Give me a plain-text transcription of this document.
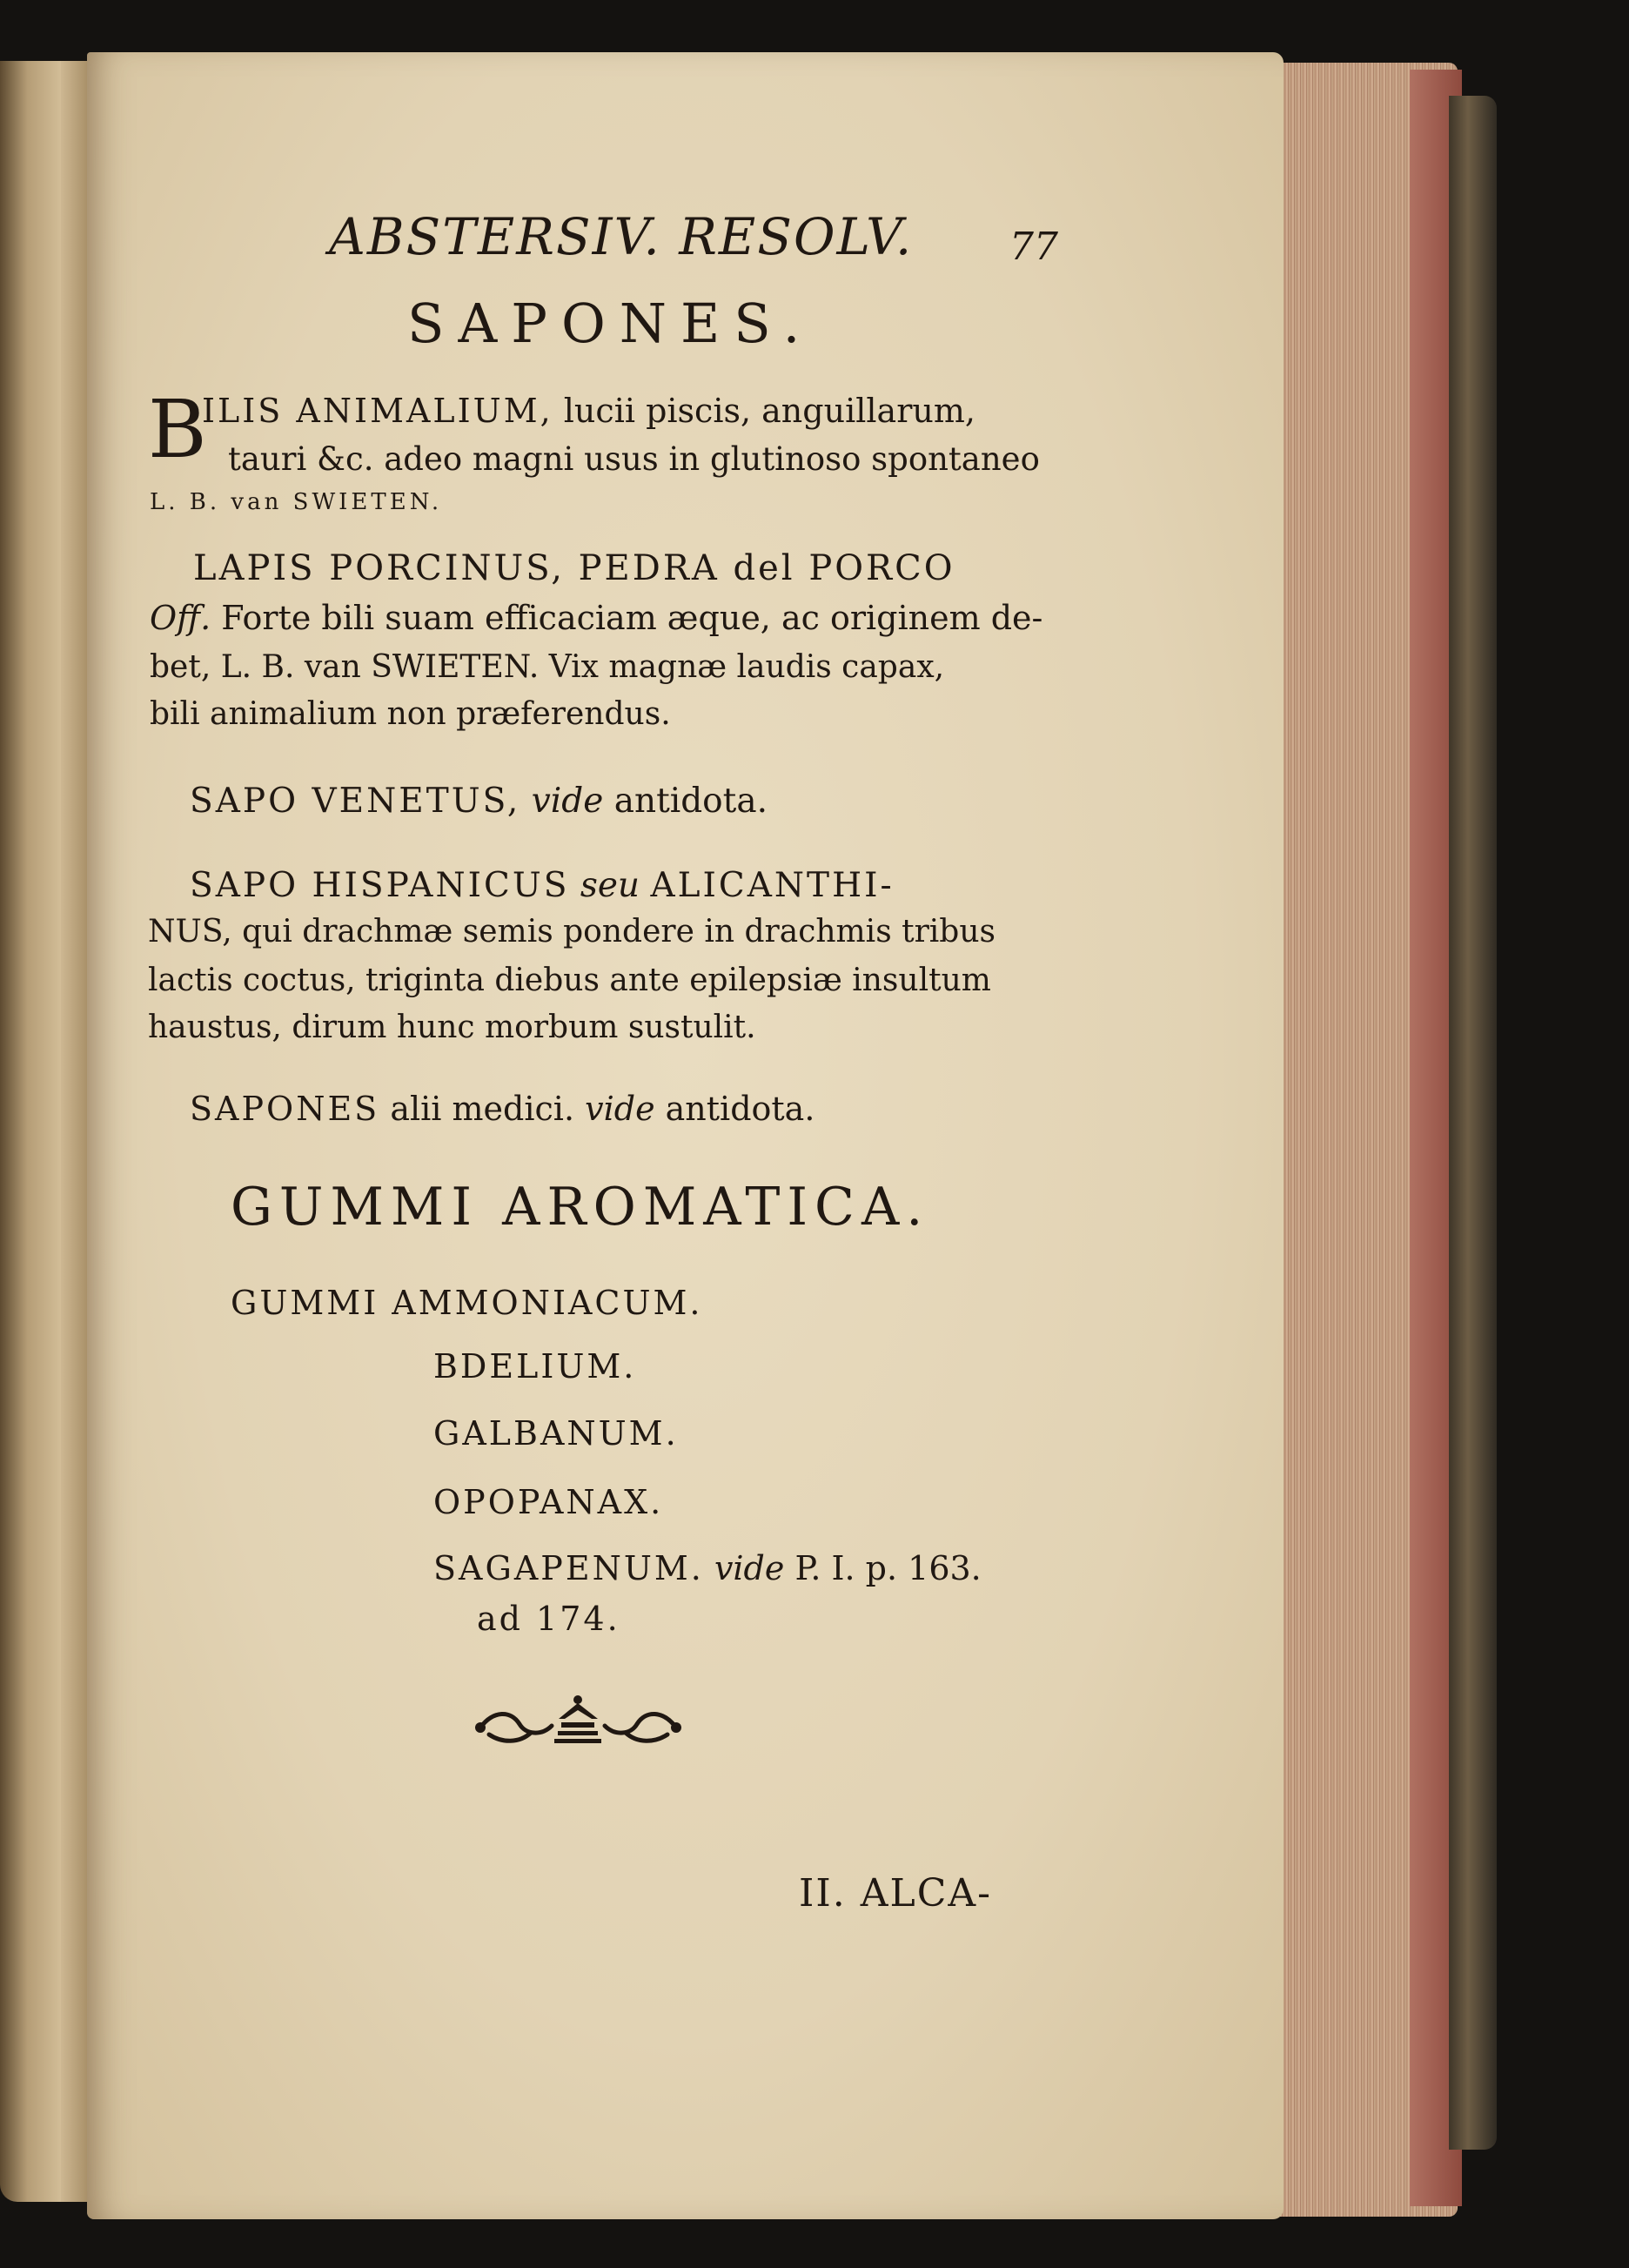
ABSTERSIV. RESOLV.	77
SAPONES.
B
ILIS ANIMALIUM, lucii piscis, anguillarum,
tauri &c. adeo magni usus in glutinoso spontaneo
L. B. van SWIETEN.
LAPIS PORCINUS, PEDRA del PORCO
Off. Forte bili suam efficaciam æque, ac originem de-
bet, L. B. van SWIETEN. Vix magnæ laudis capax,
bili animalium non præferendus.
SAPO VENETUS, vide antidota.
SAPO HISPANICUS seu ALICANTHI-
NUS, qui drachmæ semis pondere in drachmis tribus
lactis coctus, triginta diebus ante epilepsiæ insultum
haustus, dirum hunc morbum sustulit.
SAPONES alii medici. vide antidota.
GUMMI AROMATICA.
GUMMI AMMONIACUM.
BDELIUM.
GALBANUM.
OPOPANAX.
SAGAPENUM. vide P. I. p. 163.
ad 174.
II. ALCA-
